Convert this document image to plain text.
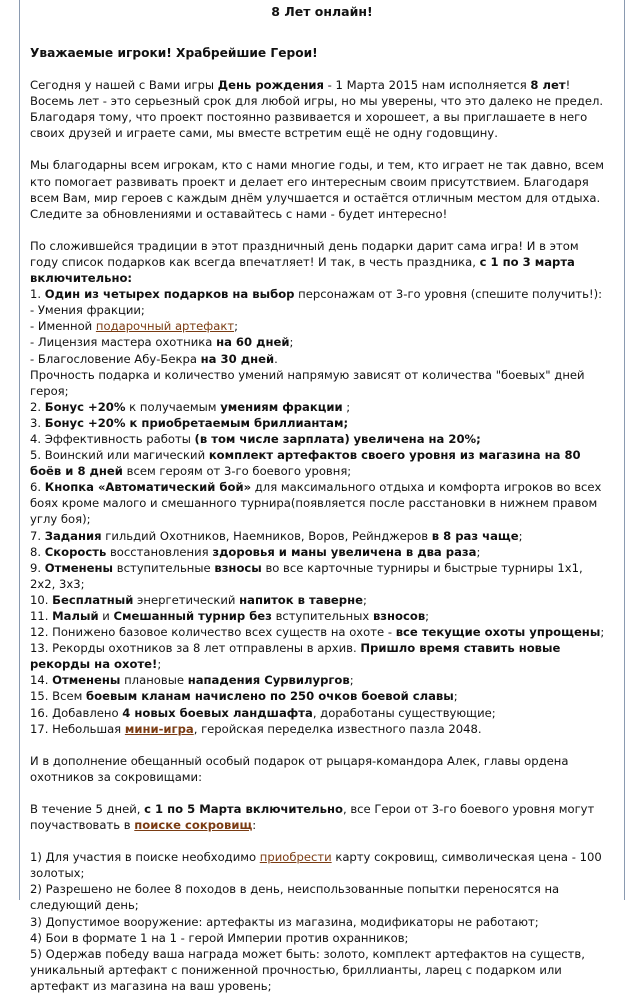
8 Лет онлайн!

Уважаемые игроки! Храбрейшие Герои!

Сегодня у нашей с Вами игры День рождения - 1 Марта 2015 нам исполняется 8 лет! Восемь лет - это серьезный срок для любой игры, но мы уверены, что это далеко не предел. Благодаря тому, что проект постоянно развивается и хорошеет, а вы приглашаете в него своих друзей и играете сами, мы вместе встретим ещё не одну годовщину.

Мы благодарны всем игрокам, кто с нами многие годы, и тем, кто играет не так давно, всем кто помогает развивать проект и делает его интересным своим присутствием. Благодаря всем Вам, мир героев с каждым днём улучшается и остаётся отличным местом для отдыха. Следите за обновлениями и оставайтесь с нами - будет интересно!

По сложившейся традиции в этот праздничный день подарки дарит сама игра! И в этом году список подарков как всегда впечатляет! И так, в честь праздника, с 1 по 3 марта включительно:

1. Один из четырех подарков на выбор персонажам от 3-го уровня (спешите получить!):

- Умения фракции;

- Именной подарочный артефакт;

- Лицензия мастера охотника на 60 дней;

- Благословение Абу-Бекра на 30 дней.

Прочность подарка и количество умений напрямую зависят от количества "боевых" дней героя;

2. Бонус +20% к получаемым умениям фракции ;

3. Бонус +20% к приобретаемым бриллиантам;

4. Эффективность работы (в том числе зарплата) увеличена на 20%;

5. Воинский или магический комплект артефактов своего уровня из магазина на 80 боёв и 8 дней всем героям от 3-го боевого уровня;

6. Кнопка «Автоматический бой» для максимального отдыха и комфорта игроков во всех боях кроме малого и смешанного турнира(появляется после расстановки в нижнем правом углу боя);

7. Задания гильдий Охотников, Наемников, Воров, Рейнджеров в 8 раз чаще;

8. Скорость восстановления здоровья и маны увеличена в два раза;

9. Отменены вступительные взносы во все карточные турниры и быстрые турниры 1х1, 2х2, 3х3;

10. Бесплатный энергетический напиток в таверне;

11. Малый и Смешанный турнир без вступительных взносов;

12. Понижено базовое количество всех существ на охоте - все текущие охоты упрощены;

13. Рекорды охотников за 8 лет отправлены в архив. Пришло время ставить новые рекорды на охоте!;

14. Отменены плановые нападения Сурвилургов;

15. Всем боевым кланам начислено по 250 очков боевой славы;

16. Добавлено 4 новых боевых ландшафта, доработаны существующие;

17. Небольшая мини-игра, геройская переделка известного пазла 2048.

И в дополнение обещанный особый подарок от рыцаря-командора Алек, главы ордена охотников за сокровищами:

В течение 5 дней, с 1 по 5 Марта включительно, все Герои от 3-го боевого уровня могут поучаствовать в поиске сокровищ:

1) Для участия в поиске необходимо приобрести карту сокровищ, символическая цена - 100 золотых;

2) Разрешено не более 8 походов в день, неиспользованные попытки переносятся на следующий день;

3) Допустимое вооружение: артефакты из магазина, модификаторы не работают;

4) Бои в формате 1 на 1 - герой Империи против охранников;

5) Одержав победу ваша награда может быть: золото, комплект артефактов на существ, уникальный артефакт с пониженной прочностью, бриллианты, ларец с подарком или артефакт из магазина на ваш уровень;
